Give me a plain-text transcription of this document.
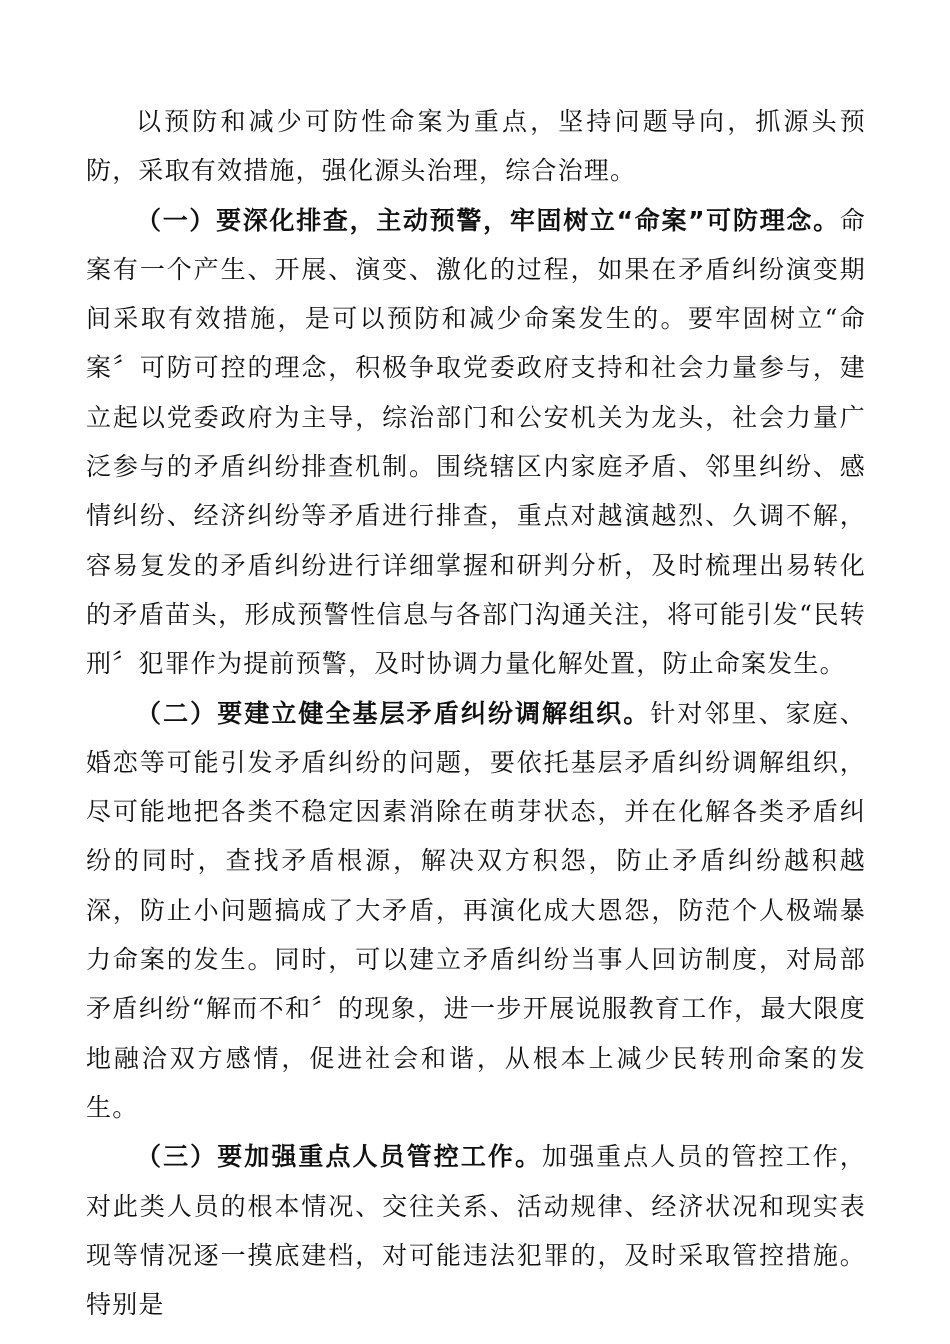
以预防和减少可防性命案为重点，坚持问题导向，抓源头预防，采取有效措施，强化源头治理，综合治理。

（一）要深化排查，主动预警，牢固树立“命案”可防理念。命案有一个产生、开展、演变、激化的过程，如果在矛盾纠纷演变期间采取有效措施，是可以预防和减少命案发生的。要牢固树立“命案〞可防可控的理念，积极争取党委政府支持和社会力量参与，建立起以党委政府为主导，综治部门和公安机关为龙头，社会力量广泛参与的矛盾纠纷排查机制。围绕辖区内家庭矛盾、邻里纠纷、感情纠纷、经济纠纷等矛盾进行排查，重点对越演越烈、久调不解，容易复发的矛盾纠纷进行详细掌握和研判分析，及时梳理出易转化的矛盾苗头，形成预警性信息与各部门沟通关注，将可能引发“民转刑〞犯罪作为提前预警，及时协调力量化解处置，防止命案发生。

（二）要建立健全基层矛盾纠纷调解组织。针对邻里、家庭、婚恋等可能引发矛盾纠纷的问题，要依托基层矛盾纠纷调解组织，尽可能地把各类不稳定因素消除在萌芽状态，并在化解各类矛盾纠纷的同时，查找矛盾根源，解决双方积怨，防止矛盾纠纷越积越深，防止小问题搞成了大矛盾，再演化成大恩怨，防范个人极端暴力命案的发生。同时，可以建立矛盾纠纷当事人回访制度，对局部矛盾纠纷“解而不和〞的现象，进一步开展说服教育工作，最大限度地融洽双方感情，促进社会和谐，从根本上减少民转刑命案的发生。

（三）要加强重点人员管控工作。加强重点人员的管控工作，对此类人员的根本情况、交往关系、活动规律、经济状况和现实表现等情况逐一摸底建档，对可能违法犯罪的，及时采取管控措施。特别是
